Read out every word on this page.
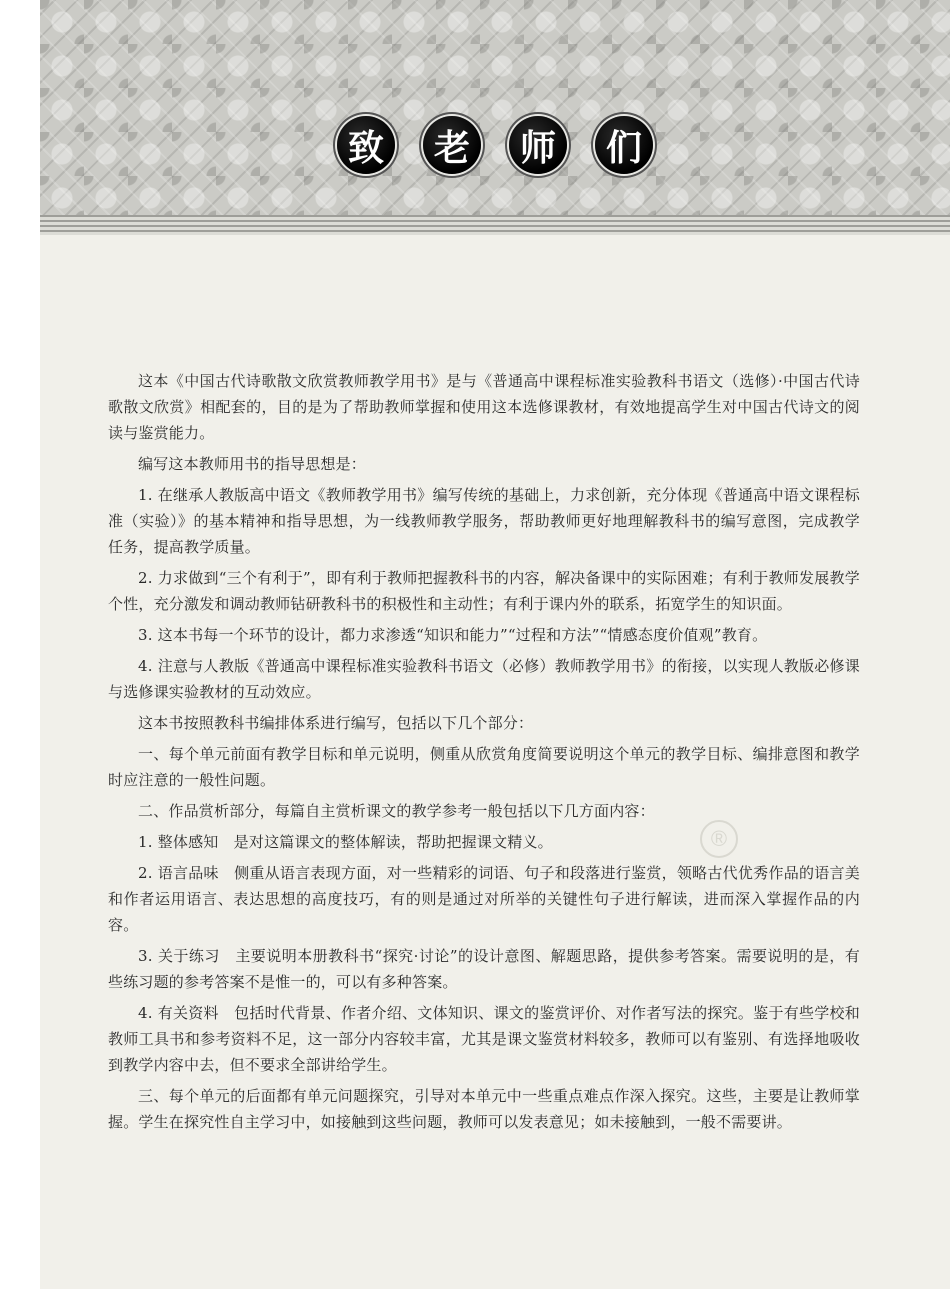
致	老	师	们
®

这本《中国古代诗歌散文欣赏教师教学用书》是与《普通高中课程标准实验教科书语文（选修）·中国古代诗歌散文欣赏》相配套的，目的是为了帮助教师掌握和使用这本选修课教材，有效地提高学生对中国古代诗文的阅读与鉴赏能力。

编写这本教师用书的指导思想是：

1. 在继承人教版高中语文《教师教学用书》编写传统的基础上，力求创新，充分体现《普通高中语文课程标准（实验）》的基本精神和指导思想，为一线教师教学服务，帮助教师更好地理解教科书的编写意图，完成教学任务，提高教学质量。

2. 力求做到“三个有利于”，即有利于教师把握教科书的内容，解决备课中的实际困难；有利于教师发展教学个性，充分激发和调动教师钻研教科书的积极性和主动性；有利于课内外的联系，拓宽学生的知识面。

3. 这本书每一个环节的设计，都力求渗透“知识和能力”“过程和方法”“情感态度价值观”教育。

4. 注意与人教版《普通高中课程标准实验教科书语文（必修）教师教学用书》的衔接，以实现人教版必修课与选修课实验教材的互动效应。

这本书按照教科书编排体系进行编写，包括以下几个部分：

一、每个单元前面有教学目标和单元说明，侧重从欣赏角度简要说明这个单元的教学目标、编排意图和教学时应注意的一般性问题。

二、作品赏析部分，每篇自主赏析课文的教学参考一般包括以下几方面内容：

1. 整体感知　是对这篇课文的整体解读，帮助把握课文精义。

2. 语言品味　侧重从语言表现方面，对一些精彩的词语、句子和段落进行鉴赏，领略古代优秀作品的语言美和作者运用语言、表达思想的高度技巧，有的则是通过对所举的关键性句子进行解读，进而深入掌握作品的内容。

3. 关于练习　主要说明本册教科书“探究·讨论”的设计意图、解题思路，提供参考答案。需要说明的是，有些练习题的参考答案不是惟一的，可以有多种答案。

4. 有关资料　包括时代背景、作者介绍、文体知识、课文的鉴赏评价、对作者写法的探究。鉴于有些学校和教师工具书和参考资料不足，这一部分内容较丰富，尤其是课文鉴赏材料较多，教师可以有鉴别、有选择地吸收到教学内容中去，但不要求全部讲给学生。

三、每个单元的后面都有单元问题探究，引导对本单元中一些重点难点作深入探究。这些，主要是让教师掌握。学生在探究性自主学习中，如接触到这些问题，教师可以发表意见；如未接触到，一般不需要讲。
